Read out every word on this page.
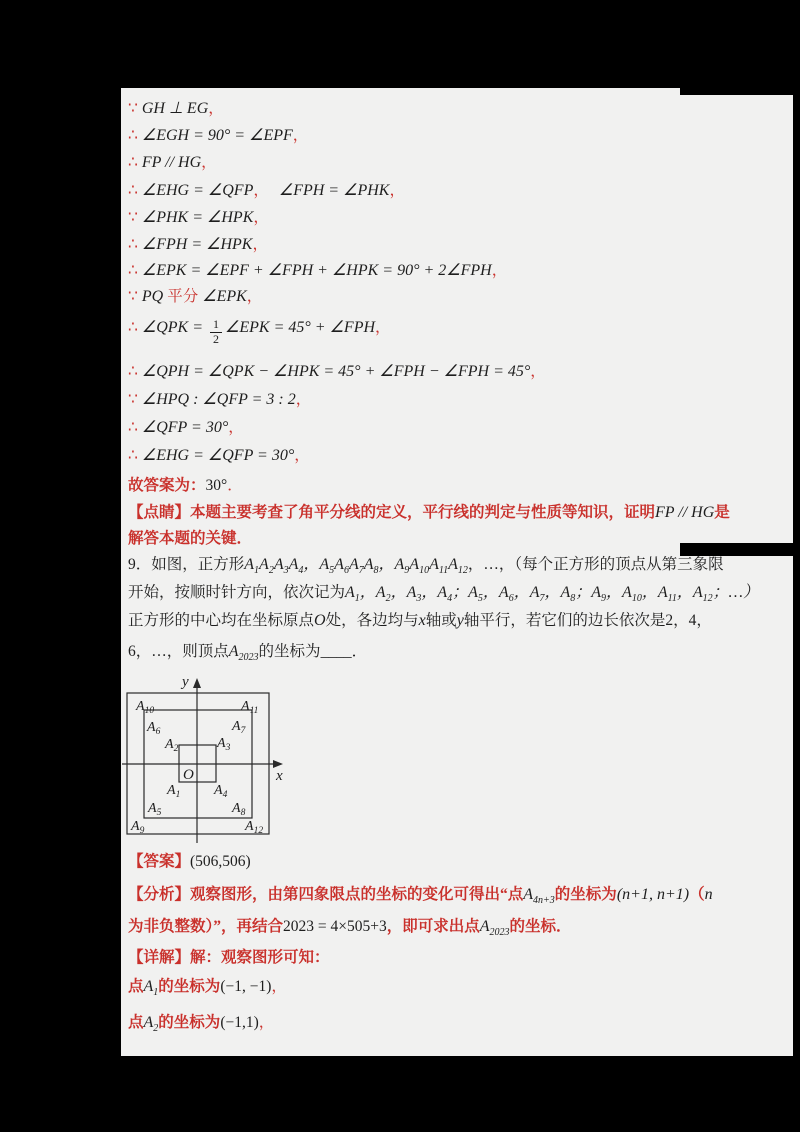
∵ GH ⊥ EG，
∴ ∠EGH = 90° = ∠EPF，
∴ FP // HG，
∴ ∠EHG = ∠QFP， ∠FPH = ∠PHK，
∵ ∠PHK = ∠HPK，
∴ ∠FPH = ∠HPK，
∴ ∠EPK = ∠EPF + ∠FPH + ∠HPK = 90° + 2∠FPH，
∵ PQ 平分 ∠EPK，
∴ ∠QPK = $\frac{1}{2}$ ∠EPK = 45° + ∠FPH，
∴ ∠QPH = ∠QPK − ∠HPK = 45° + ∠FPH − ∠FPH = 45°，
∵ ∠HPQ : ∠QFP = 3 : 2，
∴ ∠QFP = 30°，
∴ ∠EHG = ∠QFP = 30°，
故答案为：30°．
【点睛】本题主要考查了角平分线的定义，平行线的判定与性质等知识，证明FP // HG是
解答本题的关键．
9．如图，正方形$A_1A_2A_3A_4$，$A_5A_6A_7A_8$，$A_9A_{10}A_{11}A_{12}$，…，（每个正方形的顶点从第三象限
开始，按顺时针方向，依次记为$A_1$，$A_2$，$A_3$，$A_4$；$A_5$，$A_6$，$A_7$，$A_8$；$A_9$，$A_{10}$，$A_{11}$，$A_{12}$；…）
正方形的中心均在坐标原点O处，各边均与x轴或y轴平行，若它们的边长依次是2，4，
6，…，则顶点$A_{2023}$的坐标为____．
【答案】(506,506)
【分析】观察图形，由第四象限点的坐标的变化可得出“点$A_{4n+3}$的坐标为(n+1, n+1)（n
为非负整数）”，再结合2023 = 4×505+3，即可求出点$A_{2023}$的坐标．
【详解】解：观察图形可知：
点$A_1$的坐标为(−1, −1)，
点$A_2$的坐标为(−1,1)，
x
y
O
$A_{10}$	$A_{11}$
$A_6$	$A_7$
$A_2$	$A_3$
$A_1$ $A_4$
$A_5$	$A_8$
$A_9$	$A_{12}$
